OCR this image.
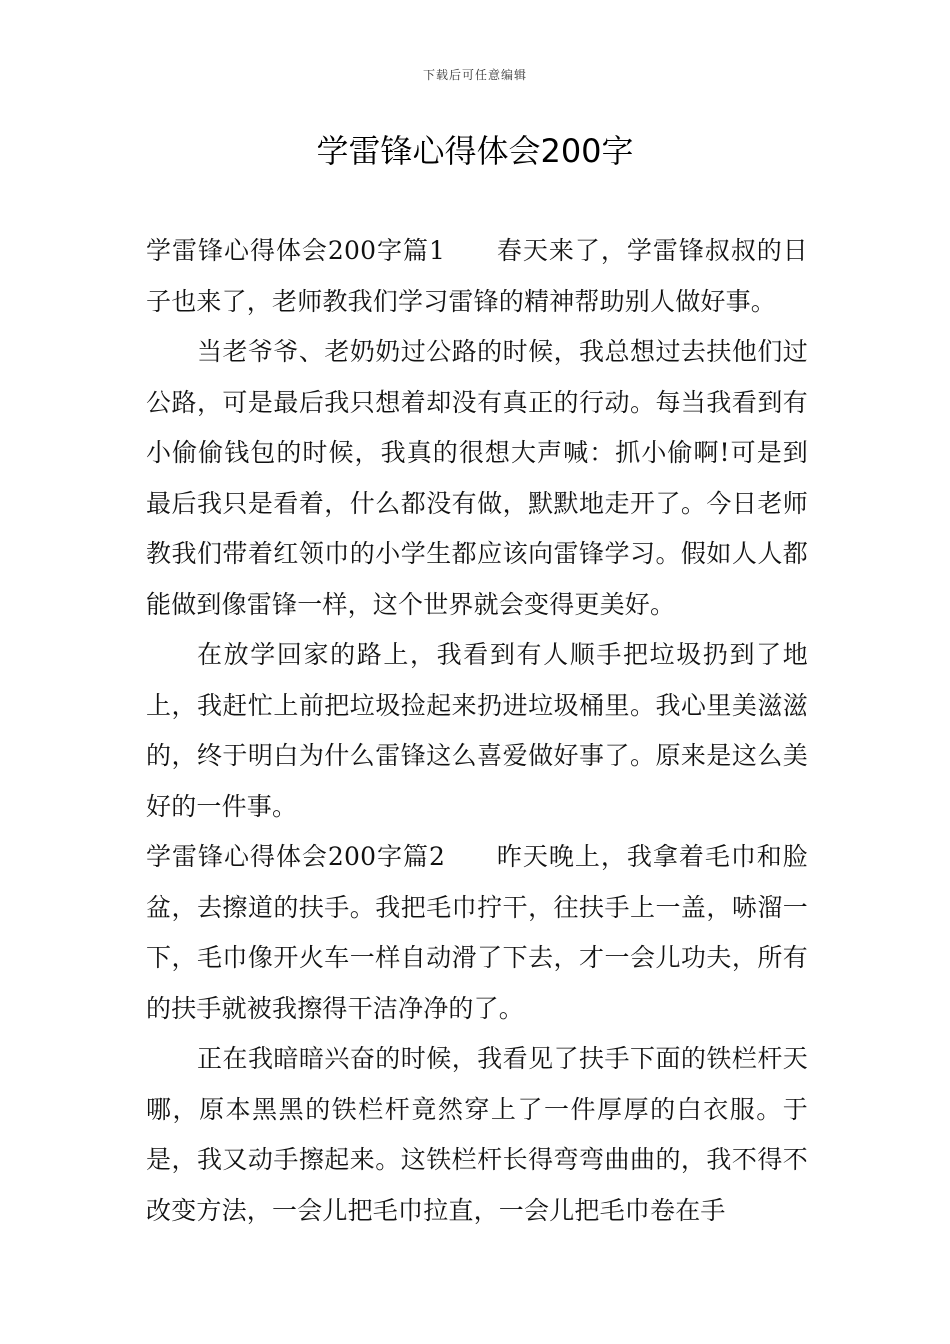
下载后可任意编辑
学雷锋心得体会200字

学雷锋心得体会200字篇1 春天来了，学雷锋叔叔的日子也来了，老师教我们学习雷锋的精神帮助别人做好事。

当老爷爷、老奶奶过公路的时候，我总想过去扶他们过公路，可是最后我只想着却没有真正的行动。每当我看到有小偷偷钱包的时候，我真的很想大声喊：抓小偷啊!可是到最后我只是看着，什么都没有做，默默地走开了。今日老师教我们带着红领巾的小学生都应该向雷锋学习。假如人人都能做到像雷锋一样，这个世界就会变得更美好。

在放学回家的路上，我看到有人顺手把垃圾扔到了地上，我赶忙上前把垃圾捡起来扔进垃圾桶里。我心里美滋滋的，终于明白为什么雷锋这么喜爱做好事了。原来是这么美好的一件事。

学雷锋心得体会200字篇2 昨天晚上，我拿着毛巾和脸盆，去擦道的扶手。我把毛巾拧干，往扶手上一盖，哧溜一下，毛巾像开火车一样自动滑了下去，才一会儿功夫，所有的扶手就被我擦得干洁净净的了。

正在我暗暗兴奋的时候，我看见了扶手下面的铁栏杆天哪，原本黑黑的铁栏杆竟然穿上了一件厚厚的白衣服。于是，我又动手擦起来。这铁栏杆长得弯弯曲曲的，我不得不改变方法，一会儿把毛巾拉直，一会儿把毛巾卷在手
